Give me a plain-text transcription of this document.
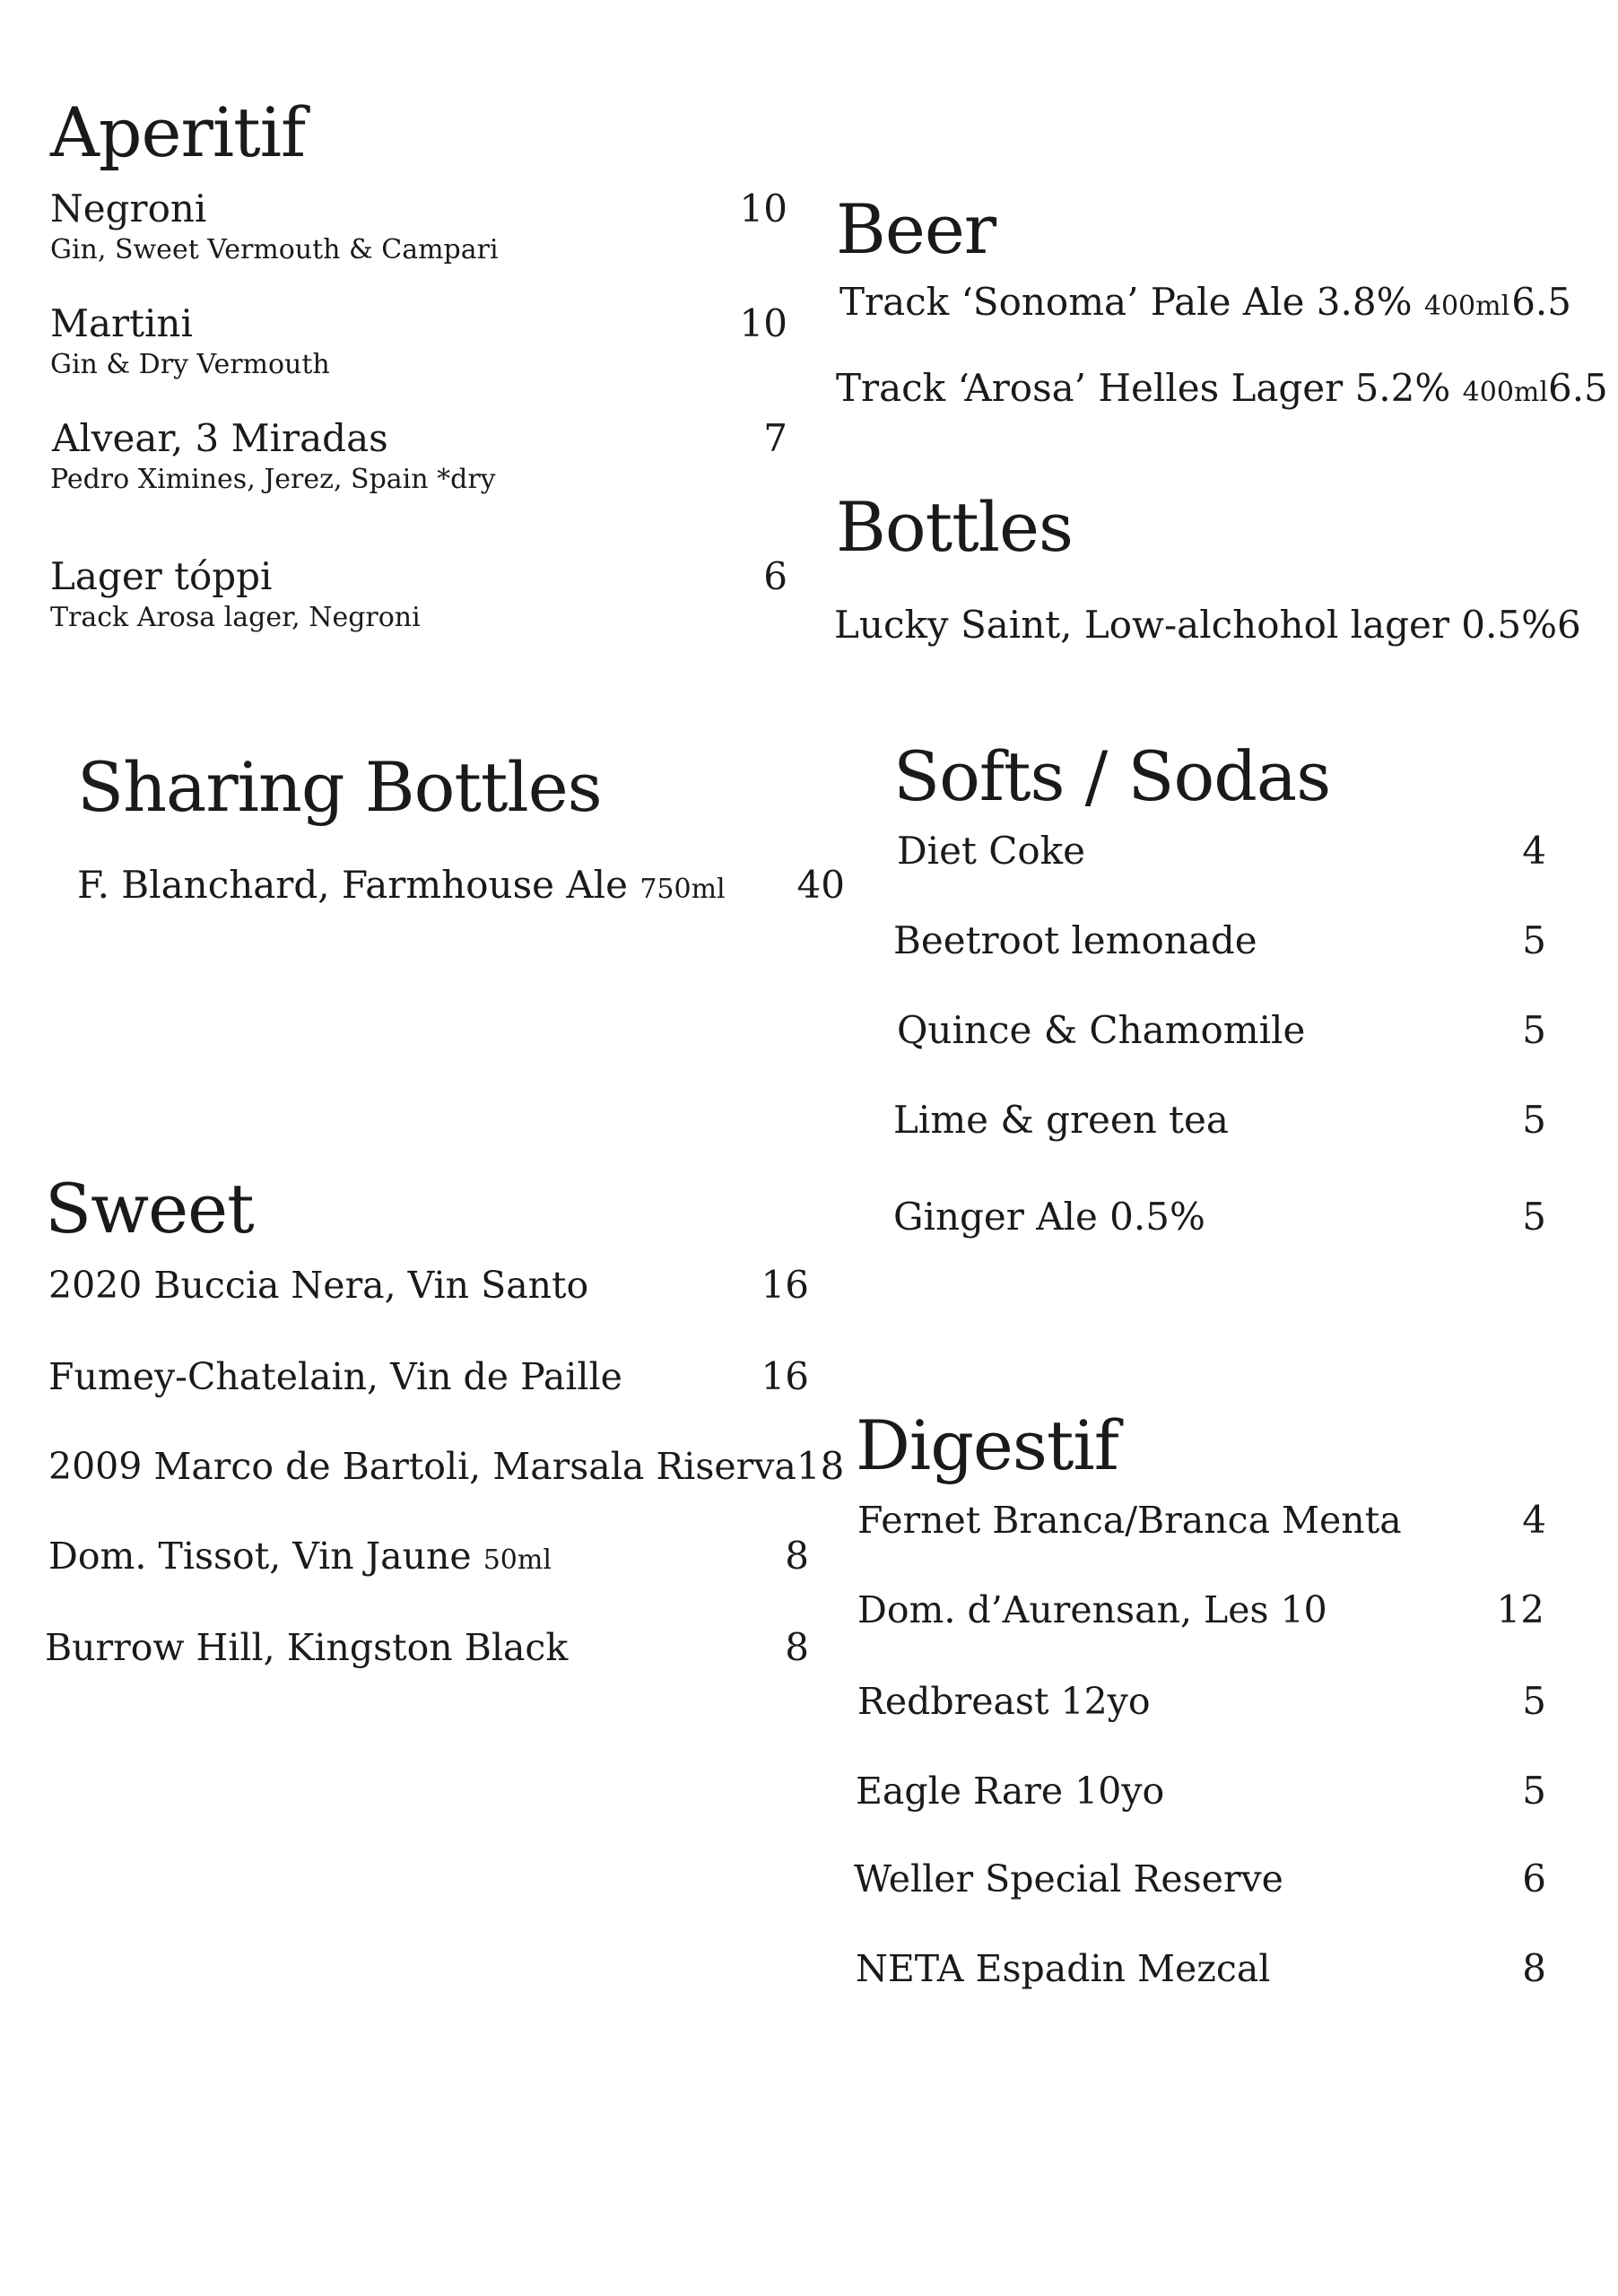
Aperitif
Negroni	10
Gin, Sweet Vermouth & Campari
Martini	10
Gin & Dry Vermouth
Alvear, 3 Miradas	7
Pedro Ximines, Jerez, Spain *dry
Lager tóppi	6
Track Arosa lager, Negroni
Beer
Track ‘Sonoma’ Pale Ale 3.8% 400ml 6.5
Track ‘Arosa’ Helles Lager 5.2% 400ml 6.5
Bottles
Lucky Saint, Low-alchohol lager 0.5% 6
Sharing Bottles
F. Blanchard, Farmhouse Ale 750ml 40
Softs / Sodas
Diet Coke	4
Beetroot lemonade	5
Quince & Chamomile	5
Lime & green tea	5
Ginger Ale 0.5%	5
Sweet
2020 Buccia Nera, Vin Santo	16
Fumey-Chatelain, Vin de Paille	16
2009 Marco de Bartoli, Marsala Riserva 18
Dom. Tissot, Vin Jaune 50ml	8
Burrow Hill, Kingston Black	8
Digestif
Fernet Branca/Branca Menta	4
Dom. d’Aurensan, Les 10	12
Redbreast 12yo	5
Eagle Rare 10yo	5
Weller Special Reserve	6
NETA Espadin Mezcal	8
